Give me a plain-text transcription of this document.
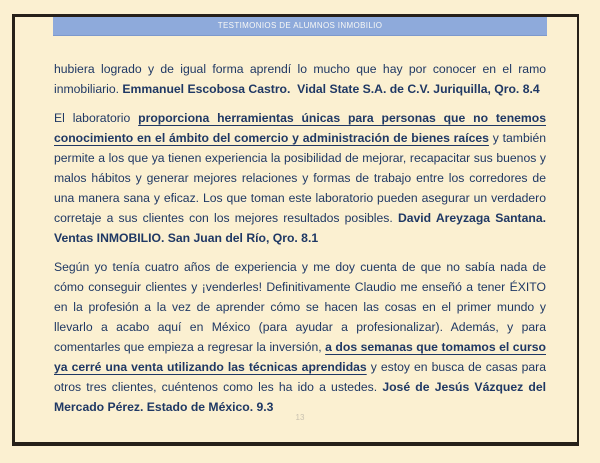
TESTIMONIOS DE ALUMNOS INMOBILIO

hubiera logrado y de igual forma aprendí lo mucho que hay por conocer en el ramo inmobiliario. Emmanuel Escobosa Castro.  Vidal State S.A. de C.V. Juriquilla, Qro. 8.4

El laboratorio proporciona herramientas únicas para personas que no tenemos conocimiento en el ámbito del comercio y administración de bienes raíces y también permite a los que ya tienen experiencia la posibilidad de mejorar, recapacitar sus buenos y malos hábitos y generar mejores relaciones y formas de trabajo entre los corredores de una manera sana y eficaz. Los que toman este laboratorio pueden asegurar un verdadero corretaje a sus clientes con los mejores resultados posibles. David Areyzaga Santana. Ventas INMOBILIO. San Juan del Río, Qro. 8.1

Según yo tenía cuatro años de experiencia y me doy cuenta de que no sabía nada de cómo conseguir clientes y ¡venderles! Definitivamente Claudio me enseñó a tener ÉXITO en la profesión a la vez de aprender cómo se hacen las cosas en el primer mundo y llevarlo a acabo aquí en México (para ayudar a profesionalizar). Además, y para comentarles que empieza a regresar la inversión, a dos semanas que tomamos el curso ya cerré una venta utilizando las técnicas aprendidas y estoy en busca de casas para otros tres clientes, cuéntenos como les ha ido a ustedes. José de Jesús Vázquez del Mercado Pérez. Estado de México. 9.3

13
